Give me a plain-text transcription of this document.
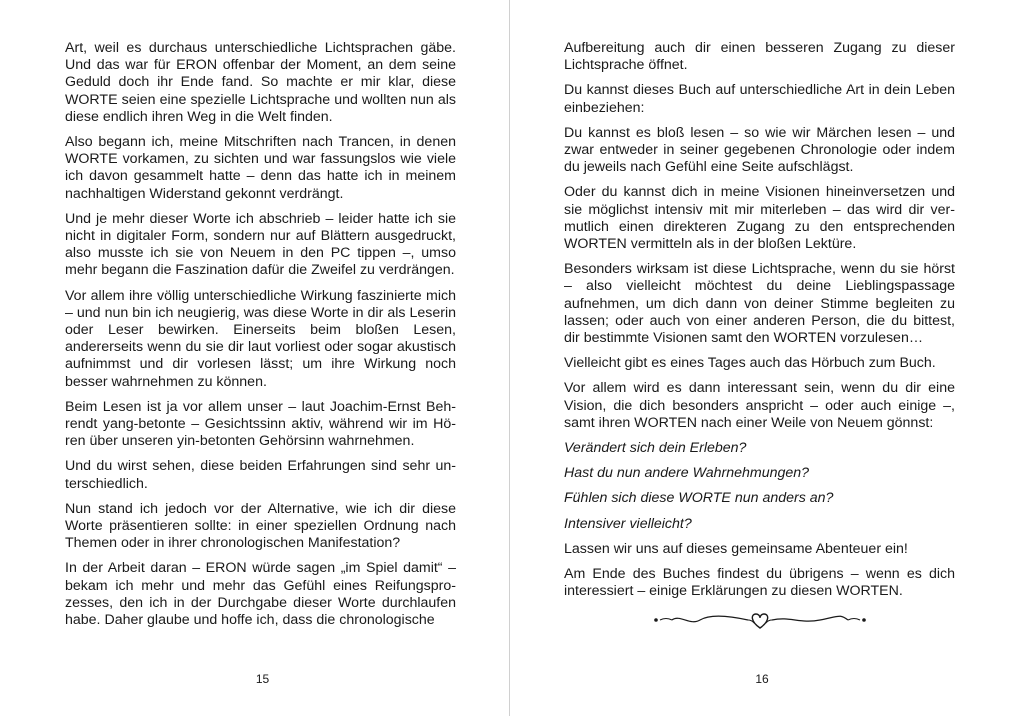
Art, weil es durchaus unterschiedliche Lichtsprachen gäbe. Und das war für ERON offenbar der Moment, an dem seine Geduld doch ihr Ende fand. So machte er mir klar, diese WORTE seien eine spezielle Lichtsprache und wollten nun als diese endlich ihren Weg in die Welt finden.

Also begann ich, meine Mitschriften nach Trancen, in denen WORTE vorkamen, zu sichten und war fassungslos wie viele ich davon gesammelt hatte – denn das hatte ich in meinem nachhaltigen Widerstand gekonnt verdrängt.

Und je mehr dieser Worte ich abschrieb – leider hatte ich sie nicht in digitaler Form, sondern nur auf Blättern ausgedruckt, also musste ich sie von Neuem in den PC tippen –, umso mehr begann die Faszination dafür die Zweifel zu verdrängen.

Vor allem ihre völlig unterschiedliche Wirkung faszinierte mich – und nun bin ich neugierig, was diese Worte in dir als Leserin oder Leser bewirken. Einerseits beim bloßen Lesen, andererseits wenn du sie dir laut vorliest oder sogar akustisch aufnimmst und dir vorlesen lässt; um ihre Wirkung noch besser wahrnehmen zu können.

Beim Lesen ist ja vor allem unser – laut Joachim-Ernst Behrendt yang-betonte – Gesichtssinn aktiv, während wir im Hören über unseren yin-betonten Gehörsinn wahrnehmen.

Und du wirst sehen, diese beiden Erfahrungen sind sehr unterschiedlich.

Nun stand ich jedoch vor der Alternative, wie ich dir diese Worte präsentieren sollte: in einer speziellen Ordnung nach Themen oder in ihrer chronologischen Manifestation?

In der Arbeit daran – ERON würde sagen „im Spiel damit“ – bekam ich mehr und mehr das Gefühl eines Reifungsprozesses, den ich in der Durchgabe dieser Worte durchlaufen habe. Daher glaube und hoffe ich, dass die chronologische

15

Aufbereitung auch dir einen besseren Zugang zu dieser Lichtsprache öffnet.

Du kannst dieses Buch auf unterschiedliche Art in dein Leben einbeziehen:

Du kannst es bloß lesen – so wie wir Märchen lesen – und zwar entweder in seiner gegebenen Chronologie oder indem du jeweils nach Gefühl eine Seite aufschlägst.

Oder du kannst dich in meine Visionen hineinversetzen und sie möglichst intensiv mit mir miterleben – das wird dir vermutlich einen direkteren Zugang zu den entsprechenden WORTEN vermitteln als in der bloßen Lektüre.

Besonders wirksam ist diese Lichtsprache, wenn du sie hörst – also vielleicht möchtest du deine Lieblingspassage aufnehmen, um dich dann von deiner Stimme begleiten zu lassen; oder auch von einer anderen Person, die du bittest, dir bestimmte Visionen samt den WORTEN vorzulesen…

Vielleicht gibt es eines Tages auch das Hörbuch zum Buch.

Vor allem wird es dann interessant sein, wenn du dir eine Vision, die dich besonders anspricht – oder auch einige –, samt ihren WORTEN nach einer Weile von Neuem gönnst:

Verändert sich dein Erleben?

Hast du nun andere Wahrnehmungen?

Fühlen sich diese WORTE nun anders an?

Intensiver vielleicht?

Lassen wir uns auf dieses gemeinsame Abenteuer ein!

Am Ende des Buches findest du übrigens – wenn es dich interessiert – einige Erklärungen zu diesen WORTEN.

16
